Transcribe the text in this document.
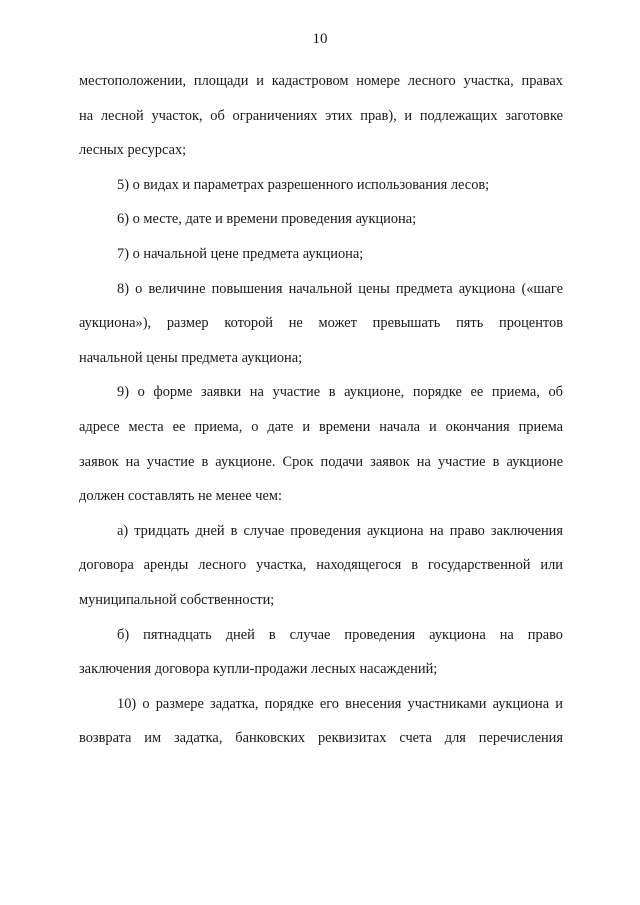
10
местоположении, площади и кадастровом номере лесного участка, правах
на лесной участок, об ограничениях этих прав), и подлежащих заготовке
лесных ресурсах;
5) о видах и параметрах разрешенного использования лесов;
6) о месте, дате и времени проведения аукциона;
7) о начальной цене предмета аукциона;
8) о величине повышения начальной цены предмета аукциона («шаге
аукциона»), размер которой не может превышать пять процентов
начальной цены предмета аукциона;
9) о форме заявки на участие в аукционе, порядке ее приема, об
адресе места ее приема, о дате и времени начала и окончания приема
заявок на участие в аукционе. Срок подачи заявок на участие в аукционе
должен составлять не менее чем:
а) тридцать дней в случае проведения аукциона на право заключения
договора аренды лесного участка, находящегося в государственной или
муниципальной собственности;
б) пятнадцать дней в случае проведения аукциона на право
заключения договора купли-продажи лесных насаждений;
10) о размере задатка, порядке его внесения участниками аукциона и
возврата им задатка, банковских реквизитах счета для перечисления
